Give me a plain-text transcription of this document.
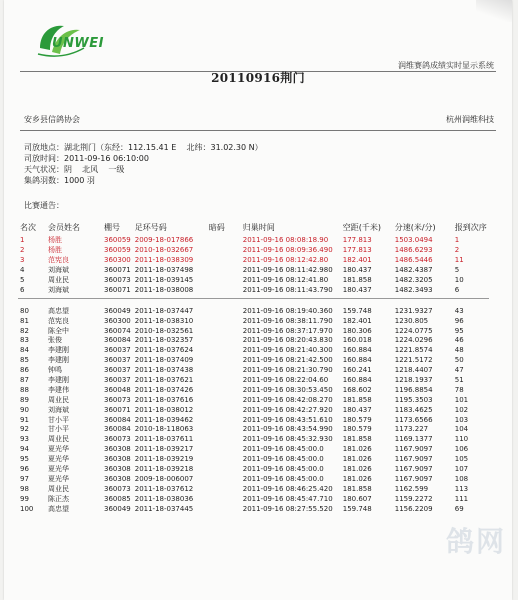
UNWEI
润维赛鸽成绩实时显示系统
20110916荆门
安乡县信鸽协会	杭州润维科技
司放地点：湖北荆门（东经：112.15.41 E    北纬：31.02.30 N）
司放时间：2011-09-16 06:10:00
天气状况：阴    北风    一级
集鸽羽数：1000 羽
比赛通告：
名次	会员姓名	棚号	足环号码	暗码	归巢时间	空距(千米)	分速(米/分)	报到次序
1	杨胜	360059	2009-18-017866		2011-09-16 08:08:18.90	177.813	1503.0494	1
2	杨胜	360059	2010-18-032667		2011-09-16 08:09:36.490	177.813	1486.6293	2
3	范宪良	360300	2011-18-038309		2011-09-16 08:12:42.80	182.401	1486.5446	11
4	刘海斌	360071	2011-18-037498		2011-09-16 08:11:42.980	180.437	1482.4387	5
5	周业民	360073	2011-18-039145		2011-09-16 08:12:41.80	181.858	1482.3205	10
6	刘海斌	360071	2011-18-038008		2011-09-16 08:11:43.790	180.437	1482.3493	6

80	高忠望	360049	2011-18-037447		2011-09-16 08:19:40.360	159.748	1231.9327	43
81	范宪良	360300	2011-18-038310		2011-09-16 08:38:11.790	182.401	1230.805	96
82	陈全中	360074	2010-18-032561		2011-09-16 08:37:17.970	180.306	1224.0775	95
83	张俊	360084	2011-18-032357		2011-09-16 08:20:43.830	160.018	1224.0296	46
84	李建刚	360037	2011-18-037624		2011-09-16 08:21:40.300	160.884	1221.8574	48
85	李建刚	360037	2011-18-037409		2011-09-16 08:21:42.500	160.884	1221.5172	50
86	钟鸣	360037	2011-18-037438		2011-09-16 08:21:30.790	160.241	1218.4407	47
87	李建刚	360037	2011-18-037621		2011-09-16 08:22:04.60	160.884	1218.1937	51
88	李建伟	360048	2011-18-037426		2011-09-16 08:30:53.450	168.602	1196.8854	78
89	周业民	360073	2011-18-037616		2011-09-16 08:42:08.270	181.858	1195.3503	101
90	刘海斌	360071	2011-18-038012		2011-09-16 08:42:27.920	180.437	1183.4625	102
91	甘小平	360084	2011-18-039462		2011-09-16 08:43:51.610	180.579	1173.6566	103
92	甘小平	360084	2010-18-118063		2011-09-16 08:43:54.990	180.579	1173.227	104
93	周业民	360073	2011-18-037611		2011-09-16 08:45:32.930	181.858	1169.1377	110
94	夏光华	360308	2011-18-039217		2011-09-16 08:45:00.0	181.026	1167.9097	106
95	夏光华	360308	2011-18-039219		2011-09-16 08:45:00.0	181.026	1167.9097	105
96	夏光华	360308	2011-18-039218		2011-09-16 08:45:00.0	181.026	1167.9097	107
97	夏光华	360308	2009-18-006007		2011-09-16 08:45:00.0	181.026	1167.9097	108
98	周业民	360073	2011-18-037612		2011-09-16 08:46:25.420	181.858	1162.599	113
99	陈正杰	360085	2011-18-038036		2011-09-16 08:45:47.710	180.607	1159.2272	111
100	高忠望	360049	2011-18-037445		2011-09-16 08:27:55.520	159.748	1156.2209	69
鸽网
